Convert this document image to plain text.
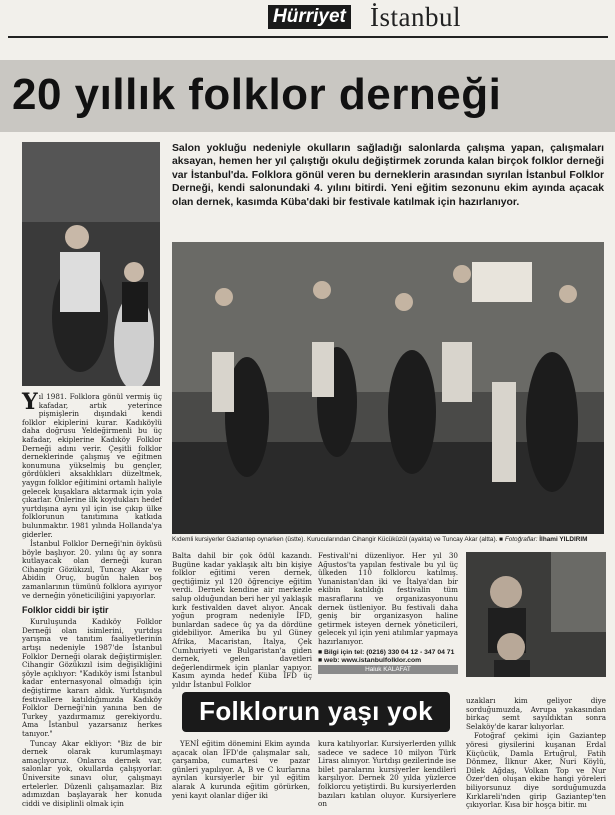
Hürriyet İstanbul
20 yıllık folklor derneği
Salon yokluğu nedeniyle okulların sağladığı salonlarda çalışma yapan, çalışmaları aksayan, hemen her yıl çalıştığı okulu değiştirmek zorunda kalan birçok folklor derneği var İstanbul'da. Folklora gönül veren bu derneklerin arasından sıyrılan İstanbul Folklor Derneği, kendi salonundaki 4. yılını bitirdi. Yeni eğitim sezonunu ekim ayında açacak olan dernek, kasımda Küba'daki bir festivale katılmak için hazırlanıyor.
Kıdemli kursiyerler Gaziantep oynarken (üstte). Kurucularından Cihangir Kücüküzül (ayakta) ve Tuncay Akar (altta). ■ Fotoğraflar: İlhami YILDIRIM
Y ıl 1981. Folklora gönül vermiş üç kafadar, artık yeterince pişmişlerin dışındaki kendi folklor ekiplerini kurar. Kadıköylü daha doğrusu Yeldeğirmenli bu üç kafadar, ekiplerine Kadıköy Folklor Derneği adını verir. Çeşitli folklor derneklerinde çalışmış ve eğitmen konumuna yükselmiş bu gençler, gördükleri aksaklıkları düzeltmek, yaygın folklor eğitimini ortamlı haliyle gelecek kuşaklara aktarmak için yola çıkarlar. Önlerine ilk koydukları hedef yurtdışına aynı yıl için ise çıkıp ülke folklorunun tanıtımına katkıda bulunmaktır. 1981 yılında Hollanda'ya giderler.

İstanbul Folklor Derneği'nin öyküsü böyle başlıyor. 20. yılını üç ay sonra kutlayacak olan derneği kuran Cihangir Gözükızıl, Tuncay Akar ve Abidin Oruç, bugün halen boş zamanlarının tümünü folklora ayırıyor ve derneğin yöneticiliğini yapıyorlar.

Folklor ciddi bir iştir

Kuruluşunda Kadıköy Folklor Derneği olan isimlerini, yurtdışı yarışma ve tanıtım faaliyetlerinin artışı nedeniyle 1987'de İstanbul Folklor Derneği olarak değiştirmişler. Cihangir Gözükızıl isim değişikliğini şöyle açıklıyor: "Kadıköy ismi İstanbul kadar enternasyonal olmadığı için değiştirme kararı aldık. Yurtdışında festivallere katıldığımızda Kadıköy Folklor Derneği'nin yanına ben de Turkey yazdırmamız gerekiyordu. Ama İstanbul yazarsanız herkes tanıyor."

Tuncay Akar ekliyor: "Biz de bir dernek olarak kurumlaşmayı amaçlıyoruz. Onlarca dernek var, salonlar yok, okullarda çalışıyorlar. Üniversite sınavı olur, çalışmayı ertelerler. Düzenli çalışamazlar. Biz adımızdan başlayarak her konuda ciddi ve disiplinli olmak için

Balta dahil bir çok ödül kazandı. Bugüne kadar yaklaşık altı bin kişiye folklor eğitimi veren dernek, geçtiğimiz yıl 120 öğrenciye eğitim verdi. Dernek kendine air merkezle salup olduğundan beri her yıl yaklaşık kırk festivalden davet alıyor. Ancak yoğun program nedeniyle İFD, bunlardan sadece üç ya da dördüne gidebiliyor. Amerika bu yıl Güney Afrika, Macaristan, İtalya, Çek Cumhuriyeti ve Bulgaristan'a giden dernek, gelen davetleri değerlendirmek için planlar yapıyor. Kasım ayında hedef Küba İFD üç yıldır İstanbul Folklor

Festivali'ni düzenliyor. Her yıl 30 Ağustos'ta yapılan festivale bu yıl üç ülkeden 110 folklorcu katılmış. Yunanistan'dan iki ve İtalya'dan bir ekibin katıldığı festivalin tüm masraflarını ve organizasyonunu dernek üstleniyor. Bu festivali daha geniş bir organizasyon haline getirmek isteyen dernek yöneticileri, gelecek yıl için yeni atılımlar yapmaya hazırlanıyor.

■ Bilgi için tel: (0216) 330 04 12 - 347 04 71
■ web: www.istanbulfolklor.com
Haluk KALAFAT
Folklorun yaşı yok
YENİ eğitim dönemini Ekim ayında açacak olan İFD'de çalışmalar salı, çarşamba, cumartesi ve pazar günleri yapılıyor. A, B ve C kurlarına ayrılan kursiyerler bir yıl eğitim alarak A kurunda eğitim görürken, yeni kayıt olanlar diğer iki
kura katılıyorlar. Kursiyerlerden yıllık sadece ve sadece 10 milyon Türk Lirası alınıyor. Yurtdışı gezilerinde ise bilet paralarını kursiyerler kendileri karşılıyor. Dernek 20 yılda yüzlerce folklorcu yetiştirdi. Bu kursiyerlerden bazıları katılan oluyor. Kursiyerlere on

uzakları kim geliyor diye sorduğumuzda, Avrupa yakasından birkaç semt sayıldıktan sonra Selaköy'de karar kılıyorlar.

Fotoğraf çekimi için Gaziantep yöresi giysilerini kuşanan Erdal Küçücük, Damla Ertuğrul, Fatih Dönmez, İlknur Aker, Nuri Köylü, Dilek Ağdaş, Volkan Top ve Nur Özer'den oluşan ekibe hangi yöreleri biliyorsunuz diye sorduğumuzda Kırklareli'nden girip Gaziantep'ten çıkıyorlar. Kısa bir hoşça bitir. mı
